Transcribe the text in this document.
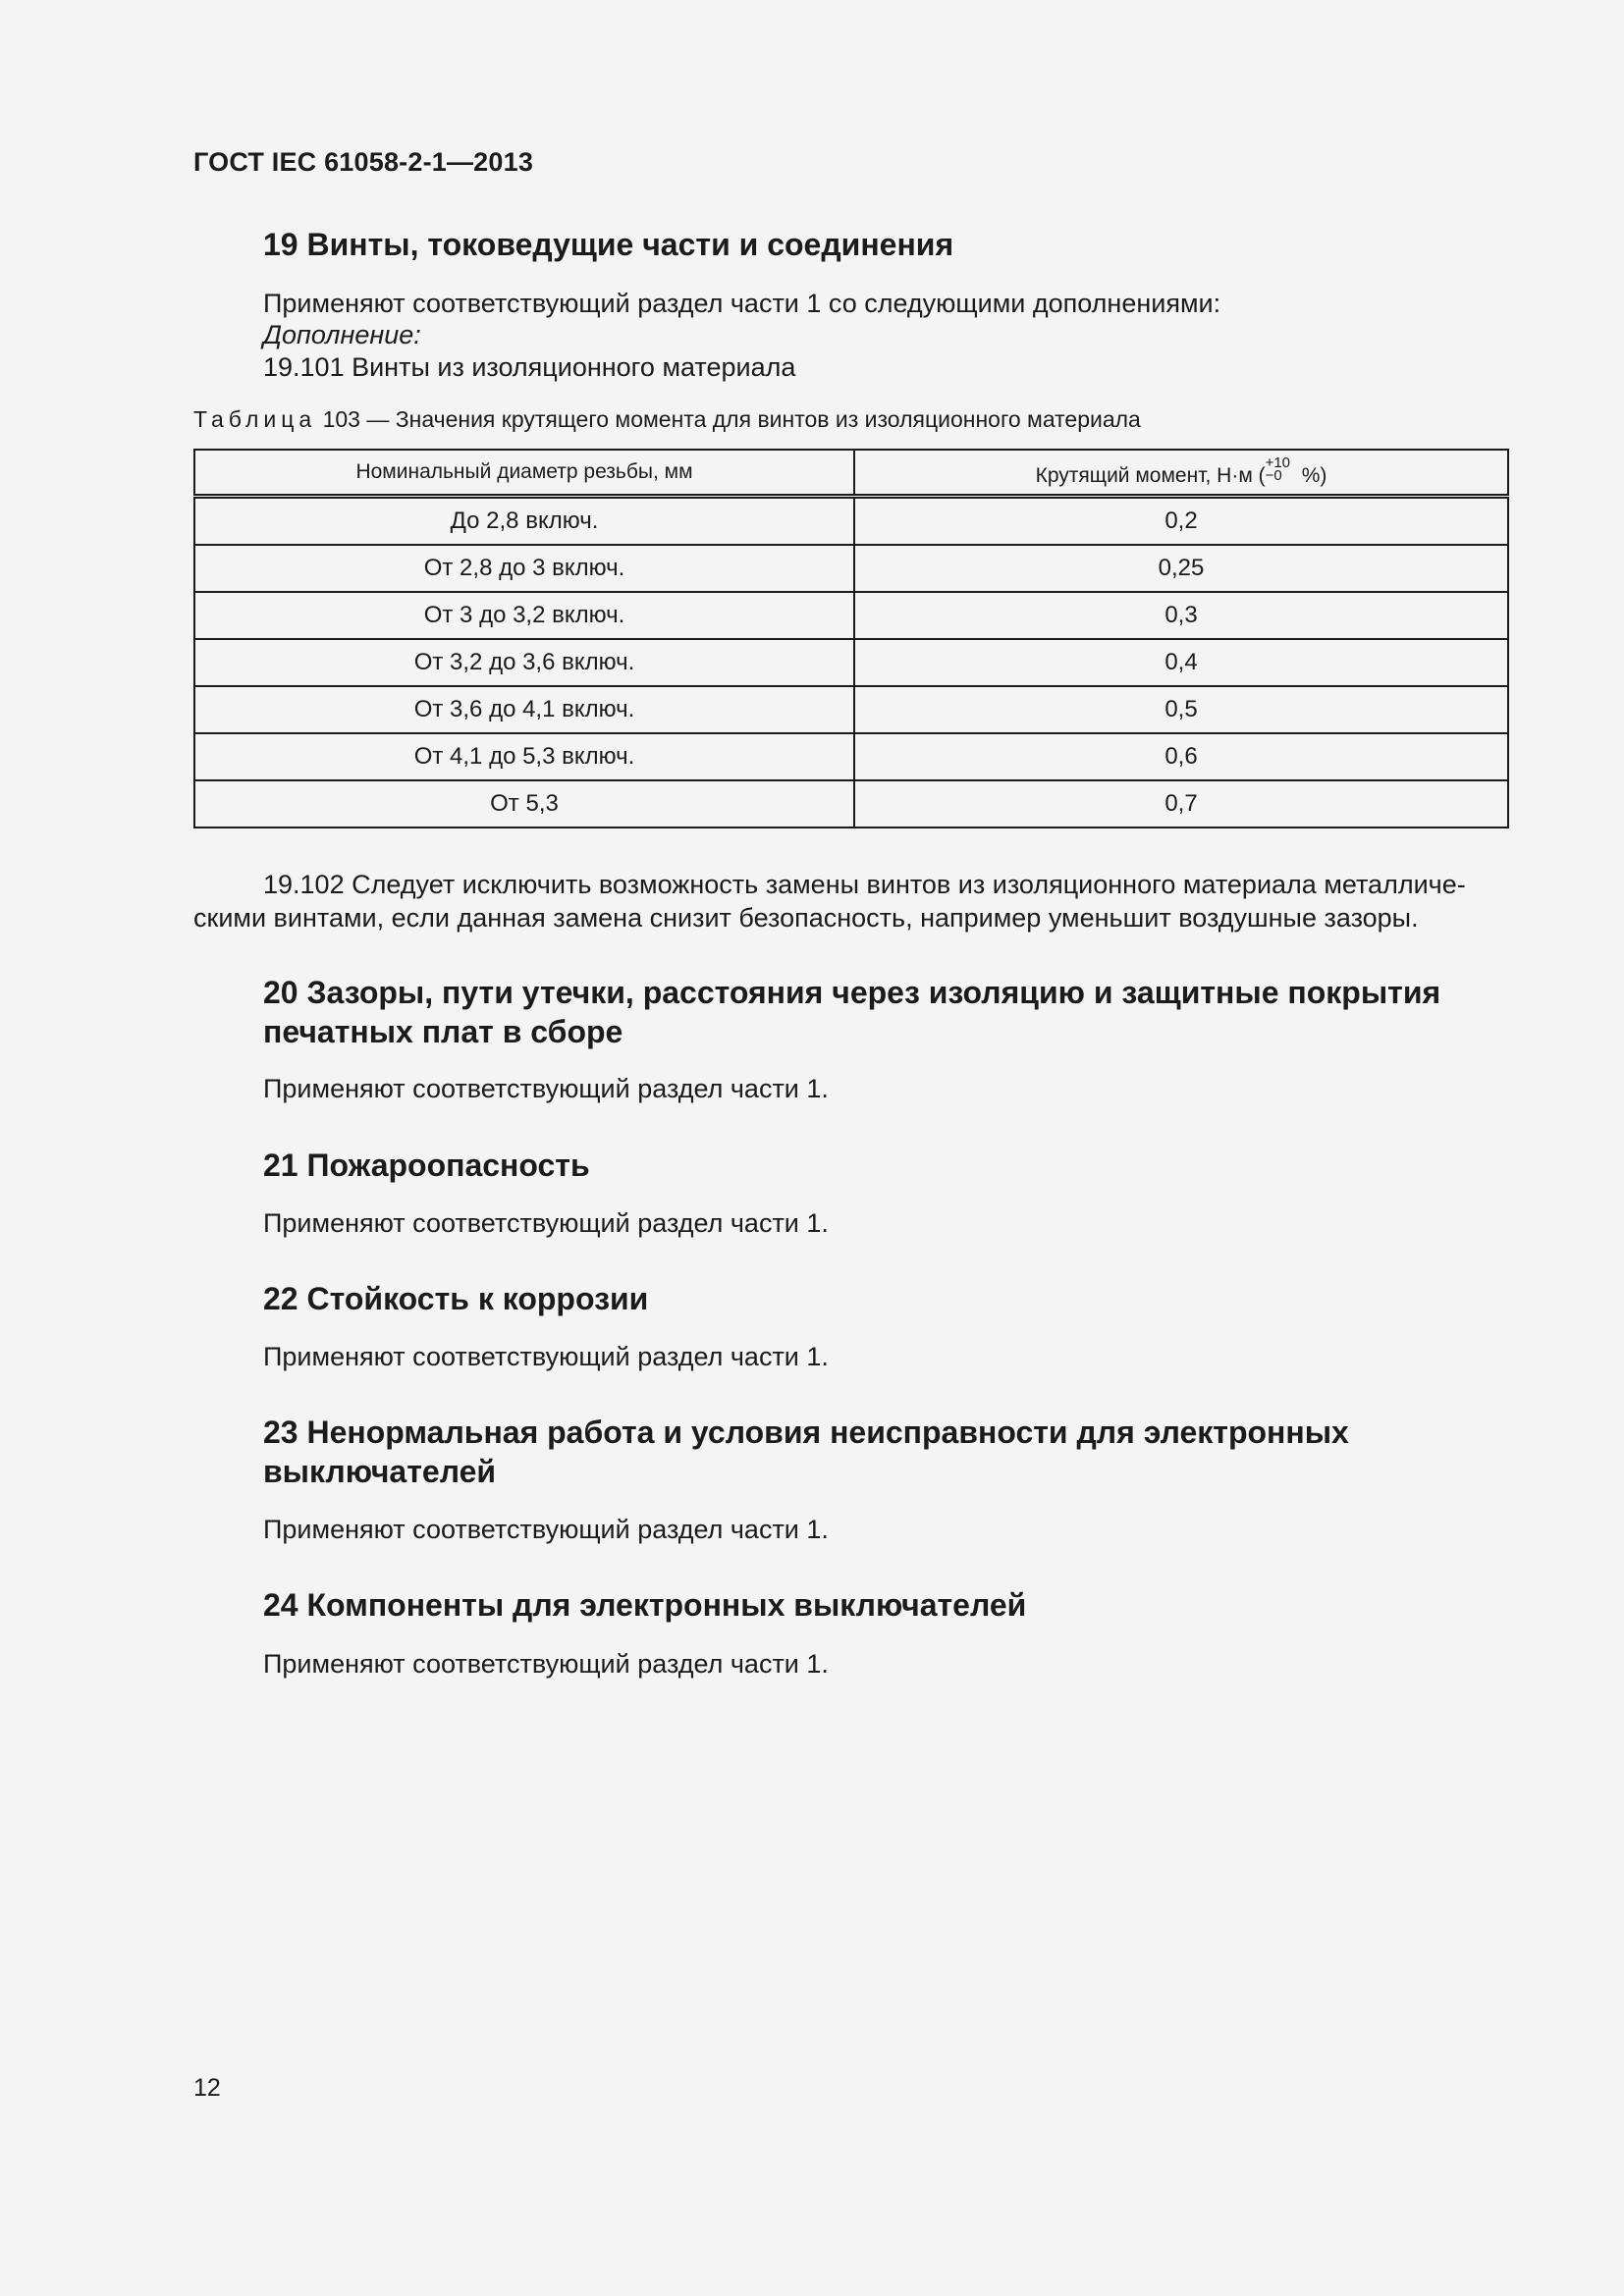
ГОСТ IEC 61058-2-1—2013
19 Винты, токоведущие части и соединения
Применяют соответствующий раздел части 1 со следующими дополнениями:
Дополнение:
19.101 Винты из изоляционного материала
Таблица 103 — Значения крутящего момента для винтов из изоляционного материала
Номинальный диаметр резьбы, мм	Крутящий момент, Н·м ($^{+10 -0}$ %)
До 2,8 включ.	0,2
От 2,8 до 3 включ.	0,25
От 3 до 3,2 включ.	0,3
От 3,2 до 3,6 включ.	0,4
От 3,6 до 4,1 включ.	0,5
От 4,1 до 5,3 включ.	0,6
От 5,3	0,7
19.102 Следует исключить возможность замены винтов из изоляционного материала металличе-скими винтами, если данная замена снизит безопасность, например уменьшит воздушные зазоры.
20 Зазоры, пути утечки, расстояния через изоляцию и защитные покрытия
печатных плат в сборе
Применяют соответствующий раздел части 1.
21 Пожароопасность
Применяют соответствующий раздел части 1.
22 Стойкость к коррозии
Применяют соответствующий раздел части 1.
23 Ненормальная работа и условия неисправности для электронных
выключателей
Применяют соответствующий раздел части 1.
24 Компоненты для электронных выключателей
Применяют соответствующий раздел части 1.
12
